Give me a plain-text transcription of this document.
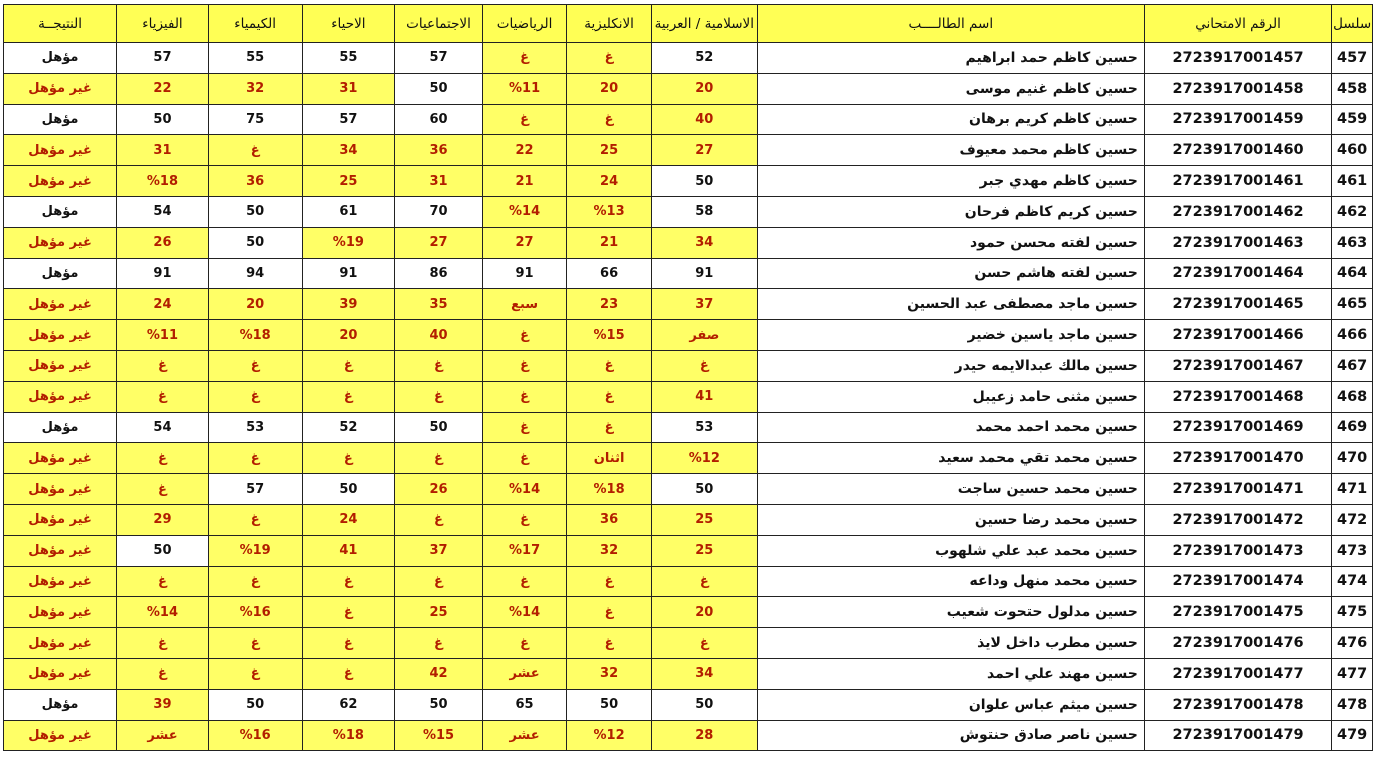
سلسل	الرقم الامتحاني	اسم الطالــــب	الاسلامية / العربية	الانكليزية	الرياضيات	الاجتماعيات	الاحياء	الكيمياء	الفيزياء	النتيجــة
457	2723917001457	حسين كاظم حمد ابراهيم	52	غ	غ	57	55	55	57	مؤهل
458	2723917001458	حسين كاظم غنيم موسى	20	20	%11	50	31	32	22	غير مؤهل
459	2723917001459	حسين كاظم كريم برهان	40	غ	غ	60	57	75	50	مؤهل
460	2723917001460	حسين كاظم محمد معيوف	27	25	22	36	34	غ	31	غير مؤهل
461	2723917001461	حسين كاظم مهدي جبر	50	24	21	31	25	36	%18	غير مؤهل
462	2723917001462	حسين كريم كاظم فرحان	58	%13	%14	70	61	50	54	مؤهل
463	2723917001463	حسين لفته محسن حمود	34	21	27	27	%19	50	26	غير مؤهل
464	2723917001464	حسين لفته هاشم حسن	91	66	91	86	91	94	91	مؤهل
465	2723917001465	حسين ماجد مصطفى عبد الحسين	37	23	سبع	35	39	20	24	غير مؤهل
466	2723917001466	حسين ماجد ياسين خضير	صفر	%15	غ	40	20	%18	%11	غير مؤهل
467	2723917001467	حسين مالك عبدالايمه حيدر	غ	غ	غ	غ	غ	غ	غ	غير مؤهل
468	2723917001468	حسين مثنى حامد زعيبل	41	غ	غ	غ	غ	غ	غ	غير مؤهل
469	2723917001469	حسين محمد احمد محمد	53	غ	غ	50	52	53	54	مؤهل
470	2723917001470	حسين محمد تقي محمد سعيد	%12	اثنان	غ	غ	غ	غ	غ	غير مؤهل
471	2723917001471	حسين محمد حسين ساجت	50	%18	%14	26	50	57	غ	غير مؤهل
472	2723917001472	حسين محمد رضا حسين	25	36	غ	غ	24	غ	29	غير مؤهل
473	2723917001473	حسين محمد عبد علي شلهوب	25	32	%17	37	41	%19	50	غير مؤهل
474	2723917001474	حسين محمد منهل وداعه	غ	غ	غ	غ	غ	غ	غ	غير مؤهل
475	2723917001475	حسين مدلول حتحوت شعيب	20	غ	%14	25	غ	%16	%14	غير مؤهل
476	2723917001476	حسين مطرب داخل لايذ	غ	غ	غ	غ	غ	غ	غ	غير مؤهل
477	2723917001477	حسين مهند علي احمد	34	32	عشر	42	غ	غ	غ	غير مؤهل
478	2723917001478	حسين ميثم عباس علوان	50	50	65	50	62	50	39	مؤهل
479	2723917001479	حسين ناصر صادق حنتوش	28	%12	عشر	%15	%18	%16	عشر	غير مؤهل
